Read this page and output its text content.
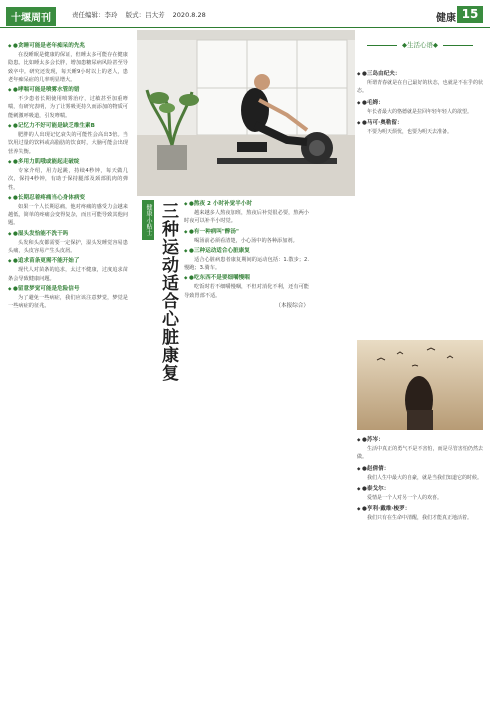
十堰周刊	责任编辑：李玲 版式：吕大芳 2020.8.28	健康 15
◆ ●贪睡可能是老年痴呆的先兆
在没睡眠是健康的保证，但睡太多可能存在健康隐患。比如睡太多会长胖，增加患糖尿病风险甚至导致卒中。研究还发现，每天睡9小时以上的老人，患老年痴呆症的几率明显增大。
◆ ●哮喘可能是喷雾水管的错
不少患者长期使用喷雾治疗，过敏甚至加重哮喘，有研究表明，为了让雾吸更持久而添加的物质可能刺激呼吸道，引发哮喘。
◆ ●记忆力不好可能是缺乏维生素B
肥胖的人出现记忆衰失的可能性会高出3倍。当饮用过量的饮料或高脂肪的饮食时，大脑可能会出现营养失衡。
◆ ●多用力肌哦或能起走破绽
专家介绍，用力起跳，持续4秒钟，每天做几次，保持4秒钟，有助于保持腿部及颈部肌肉的弹性。
◆ ●长期忍着疼痛当心身体病变
如果一个人长期忍痛，他对疼痛的感受力会越来越低，简单的疼痛会变得复杂，而且可能导致其他问题。
◆ ●湿头发恰能不洗干吗
头发和头皮都需要一定保护，湿头发睡觉容易患头痛，头皮容易产生头皮屑。
◆ ●追求苗条更需不能开始了
现代人对苗条的追求，太过不健康，过度追求苗条会导致健康问题。
◆ ●留意梦觉可能是危险信号
为了避免一些病症，我们应该注意梦觉，梦觉是一些病症的征兆。
健康·小贴士 三种运动适合心脏康复
◆	●熬夜 2 小时补觉半小时
越来越多人熬夜加班，熬夜后补觉很必要，熬两小时夜可以补半小时觉。
◆ ●有一种病叫"醉汤"
喝汤前必须看清楚，小心汤中的各种添加剂。
◆ ●三种运动适合心脏康复
适合心脏病患者康复期间的运动包括：1.散步；2.慢跑；3.骑车。
◆ ●吃东西不是要细嚼慢咽
吃饭时若不细嚼慢咽，不但对消化不利，还有可能导致胃部不适。
（本报综合）
◆生活心语◆
◆ ●三岛由纪夫：
所谓青春就是在自己最好的状态，也就是不在乎的状态。
◆ ●毛姆：
年长者最大的恪德就是拉回年轻年轻人的欲望。
◆ ●马可·奥勒留：
不要为明天烦忧，也要为明天去准备。
◆ ●苏岑：
生活中真正的勇气不是不害怕，而是尽管害怕仍然去做。
◆ ●赵倩倩：
我们人生中最大的自豪，就是当我们知道它的时候。
◆ ●泰戈尔：
爱情是一个人对另一个人的欢喜。
◆ ●亨利·戴维·梭罗：
我们只有在生命中清醒，我们才能真正地活着。
